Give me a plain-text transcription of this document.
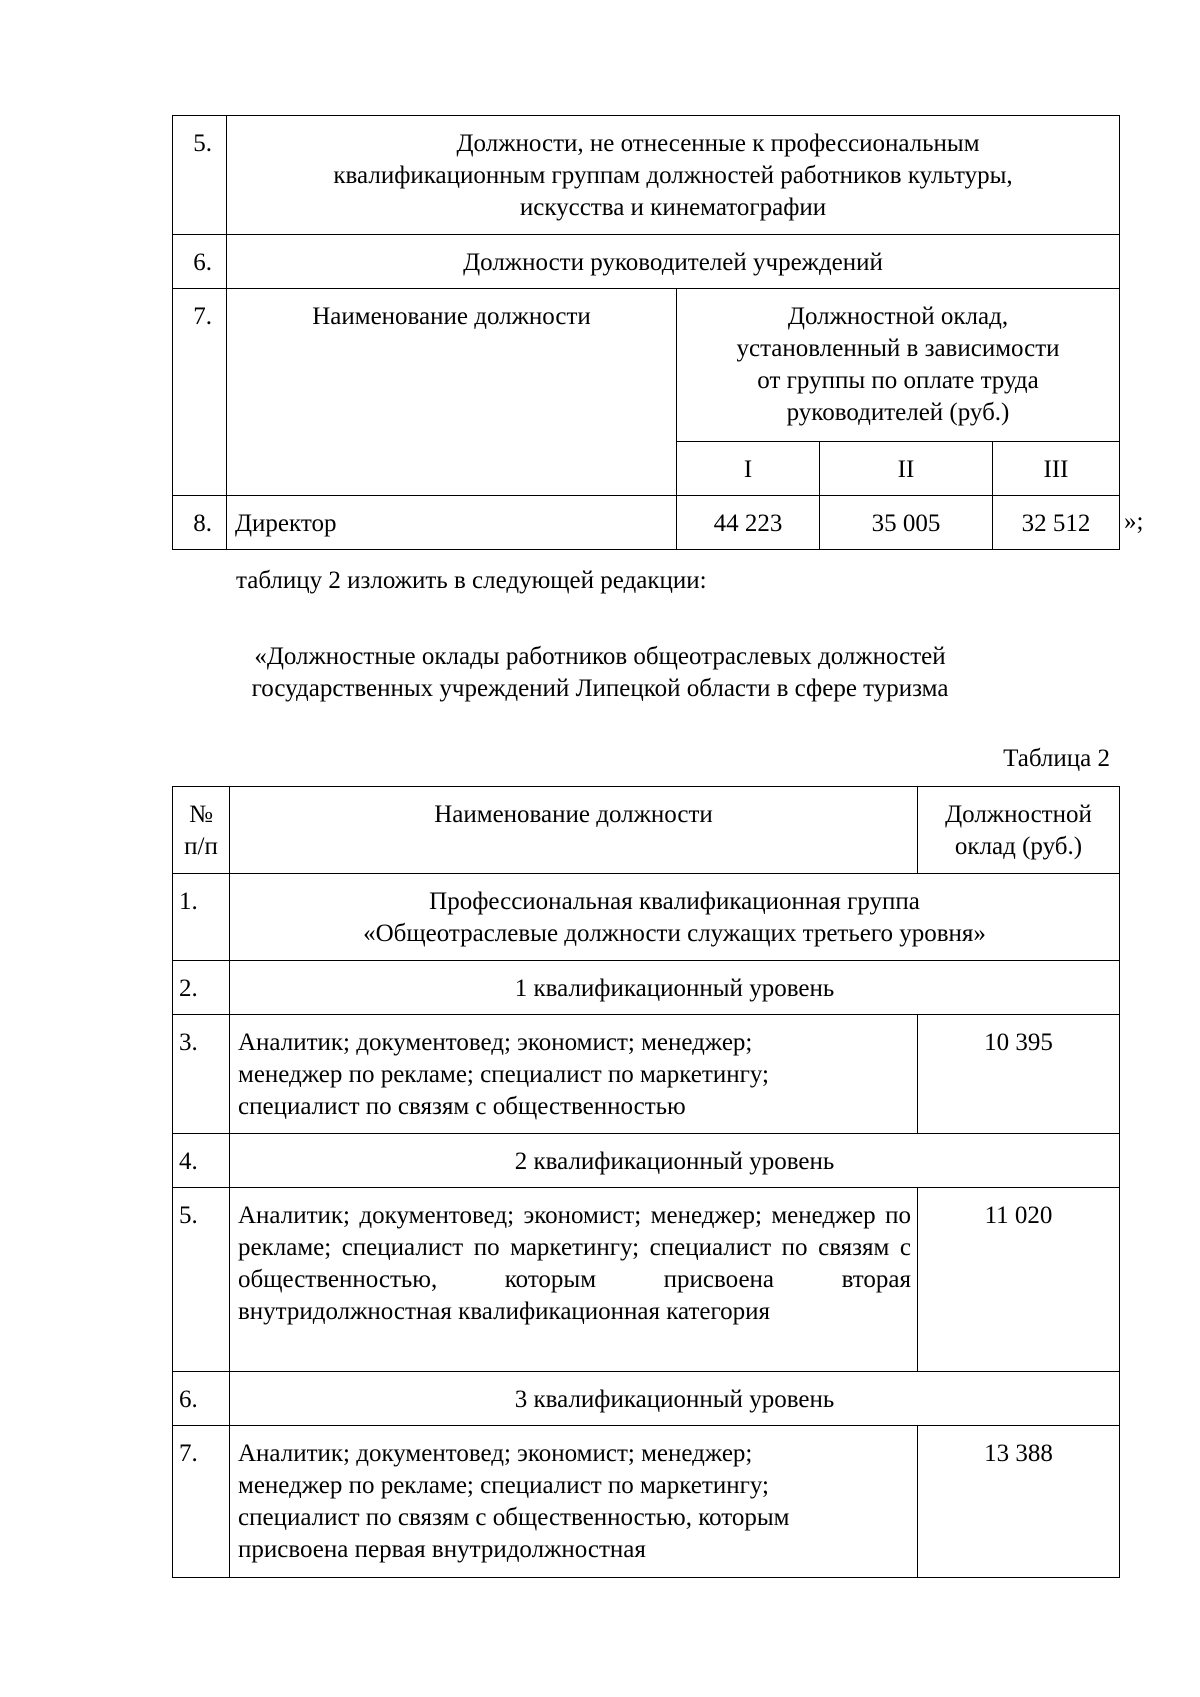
5.	Должности, не отнесенные к профессиональным
квалификационным группам должностей работников культуры,
искусства и кинематографии			

6.	Должности руководителей учреждений			
7.	Наименование должности	Должностной оклад,
установленный в зависимости
от группы по оплате труда
руководителей (руб.)		

		I	II	III
8.	Директор	44 223	35 005	32 512 »;
таблицу 2 изложить в следующей редакции:
«Должностные оклады работников общеотраслевых должностей
государственных учреждений Липецкой области в сфере туризма
Таблица 2
№
п/п	Наименование должности	Должностной
оклад (руб.)

1.	Профессиональная квалификационная группа
«Общеотраслевые должности служащих третьего уровня»	

2.	1 квалификационный уровень	
3.	Аналитик; документовед; экономист; менеджер;
менеджер по рекламе; специалист по маркетингу;
специалист по связям с общественностью	10 395
4.	2 квалификационный уровень	
5.	Аналитик; документовед; экономист; менеджер; менеджер по рекламе; специалист по маркетингу; специалист по связям с общественностью, которым присвоена вторая внутридолжностная квалификационная категория	11 020
6.	3 квалификационный уровень	
7.	Аналитик; документовед; экономист; менеджер;
менеджер по рекламе; специалист по маркетингу;
специалист по связям с общественностью, которым
присвоена первая внутридолжностная	13 388
